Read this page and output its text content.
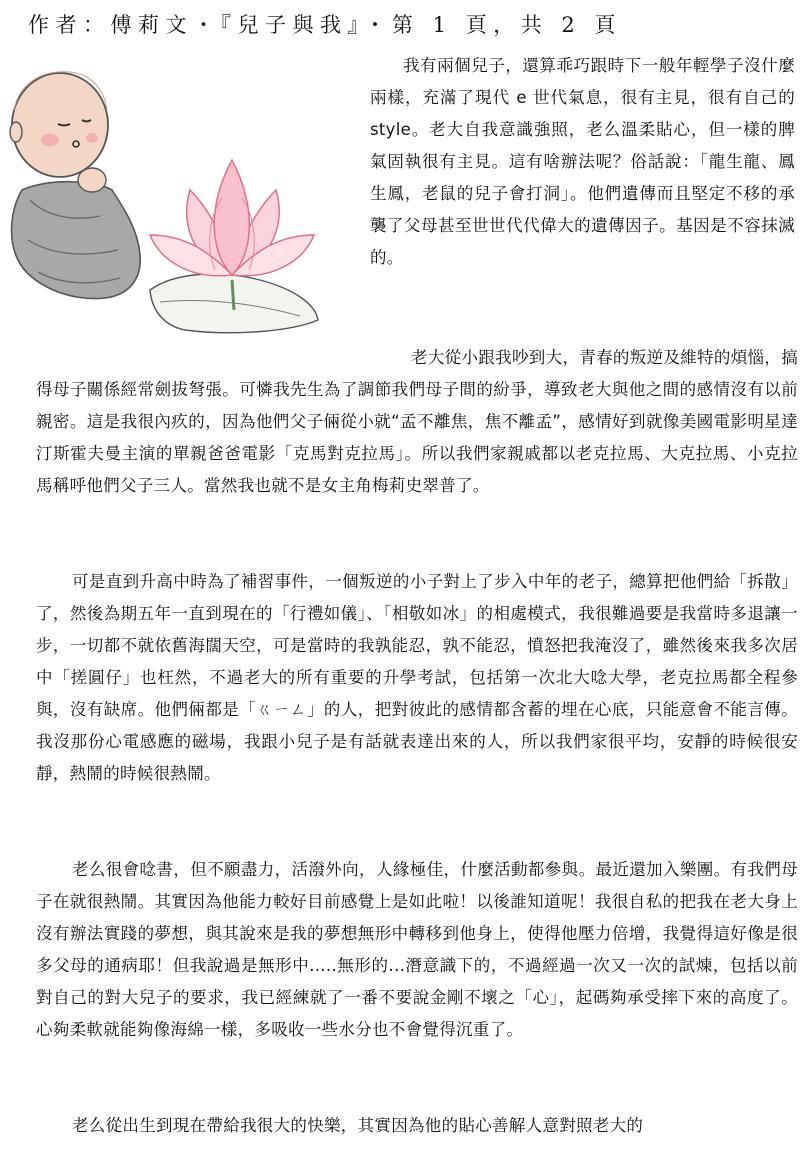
作者：傅莉文・『兒子與我』・第 1 頁，共 2 頁

我有兩個兒子，還算乖巧跟時下一般年輕學子沒什麼兩樣，充滿了現代 e 世代氣息，很有主見，很有自己的 style。老大自我意識強照，老么溫柔貼心，但一樣的脾氣固執很有主見。這有啥辦法呢？俗話說：「龍生龍、鳳生鳳，老鼠的兒子會打洞」。他們遺傳而且堅定不移的承襲了父母甚至世世代代偉大的遺傳因子。基因是不容抹滅的。

老大從小跟我吵到大，青春的叛逆及維特的煩惱，搞得母子關係經常劍拔弩張。可憐我先生為了調節我們母子間的紛爭，導致老大與他之間的感情沒有以前親密。這是我很內疚的，因為他們父子倆從小就“孟不離焦，焦不離孟”，感情好到就像美國電影明星達汀斯霍夫曼主演的單親爸爸電影「克馬對克拉馬」。所以我們家親戚都以老克拉馬、大克拉馬、小克拉馬稱呼他們父子三人。當然我也就不是女主角梅莉史翠普了。

可是直到升高中時為了補習事件，一個叛逆的小子對上了步入中年的老子，總算把他們給「拆散」了，然後為期五年一直到現在的「行禮如儀」、「相敬如冰」的相處模式，我很難過要是我當時多退讓一步，一切都不就依舊海闊天空，可是當時的我孰能忍，孰不能忍，憤怒把我淹沒了，雖然後來我多次居中「搓圓仔」也枉然，不過老大的所有重要的升學考試，包括第一次北大唸大學，老克拉馬都全程參與，沒有缺席。他們倆都是「ㄍㄧㄥ」的人，把對彼此的感情都含蓄的埋在心底，只能意會不能言傳。我沒那份心電感應的磁場，我跟小兒子是有話就表達出來的人，所以我們家很平均，安靜的時候很安靜，熱鬧的時候很熱鬧。

老么很會唸書，但不願盡力，活潑外向，人緣極佳，什麼活動都參與。最近還加入樂團。有我們母子在就很熱鬧。其實因為他能力較好目前感覺上是如此啦！以後誰知道呢！我很自私的把我在老大身上沒有辦法實踐的夢想，與其說來是我的夢想無形中轉移到他身上，使得他壓力倍增，我覺得這好像是很多父母的通病耶！但我說過是無形中.....無形的...潛意識下的，不過經過一次又一次的試煉，包括以前對自己的對大兒子的要求，我已經練就了一番不要說金剛不壞之「心」，起碼夠承受摔下來的高度了。心夠柔軟就能夠像海綿一樣，多吸收一些水分也不會覺得沉重了。

老么從出生到現在帶給我很大的快樂，其實因為他的貼心善解人意對照老大的
